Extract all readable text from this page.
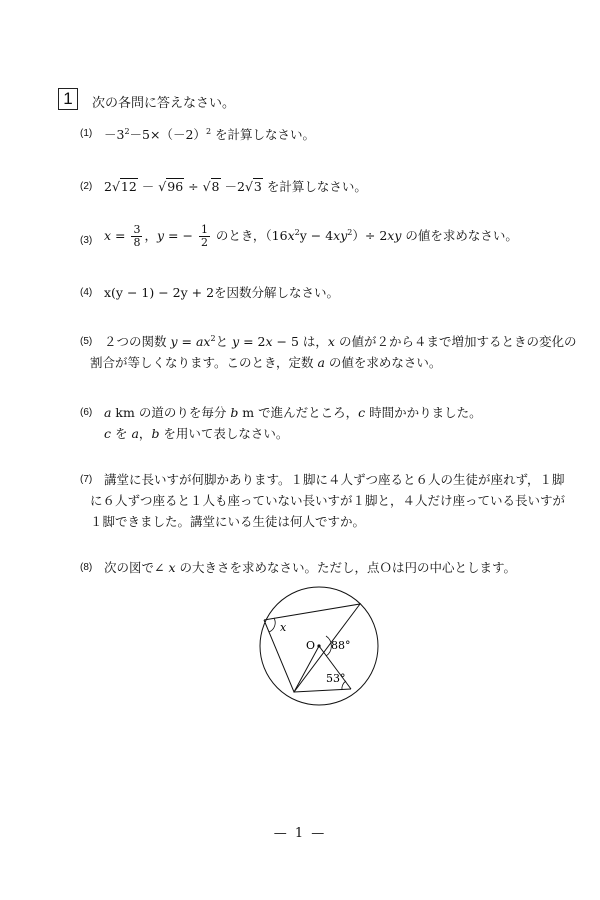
1	次の各問に答えなさい。
$(1) -3^2-5\times(-2)^2$ を計算しなさい。
(2) 2√12 － √96 ÷ √8 －2√3 を計算しなさい。
(3) $x = \frac{3}{8}$ ，y = − $\frac{1}{2}$ のとき，$(16x^2y - 4xy^2)\div 2xy$ の値を求めなさい。
(4) x(y − 1) − 2y + 2を因数分解しなさい。
(5) ２つの関数 $y = ax^2$と y = 2x − 5 は，x の値が２から４まで増加するときの変化の
割合が等しくなります。このとき，定数 a の値を求めなさい。
(6) a km の道のりを毎分 b m で進んだところ，c 時間かかりました。
c を a，b を用いて表しなさい。
(7) 講堂に長いすが何脚かあります。１脚に４人ずつ座ると６人の生徒が座れず，１脚
に６人ずつ座ると１人も座っていない長いすが１脚と，４人だけ座っている長いすが
１脚できました。講堂にいる生徒は何人ですか。
(8) 次の図で∠ x の大きさを求めなさい。ただし，点Ｏは円の中心とします。
x
O 88°
53°
— 1 —
